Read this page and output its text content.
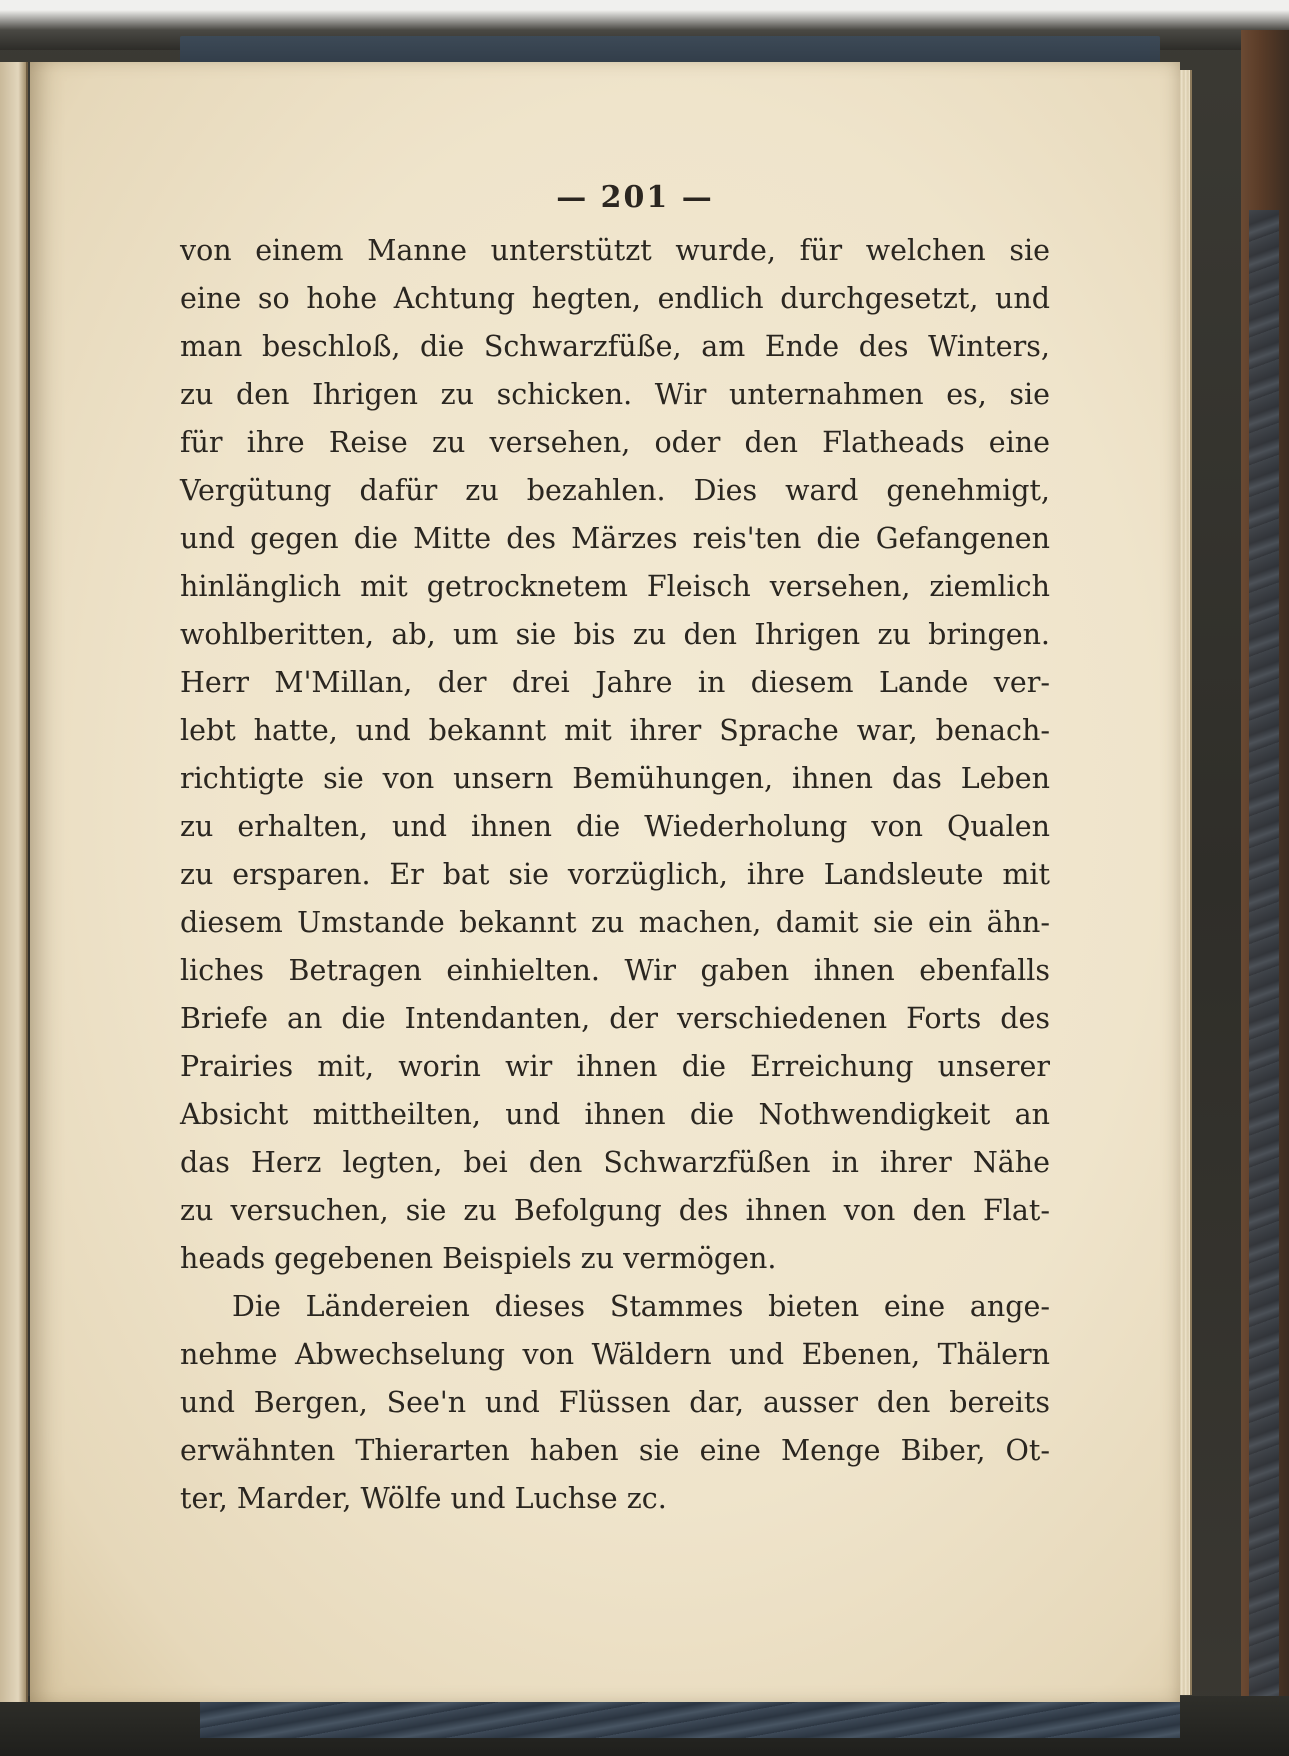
— 201 —
von einem Manne unterstützt wurde, für welchen sie
eine so hohe Achtung hegten, endlich durchgesetzt, und
man beschloß, die Schwarzfüße, am Ende des Winters,
zu den Ihrigen zu schicken. Wir unternahmen es, sie
für ihre Reise zu versehen, oder den Flatheads eine
Vergütung dafür zu bezahlen. Dies ward genehmigt,
und gegen die Mitte des Märzes reis'ten die Gefangenen
hinlänglich mit getrocknetem Fleisch versehen, ziemlich
wohlberitten, ab, um sie bis zu den Ihrigen zu bringen.
Herr M'Millan, der drei Jahre in diesem Lande ver-
lebt hatte, und bekannt mit ihrer Sprache war, benach-
richtigte sie von unsern Bemühungen, ihnen das Leben
zu erhalten, und ihnen die Wiederholung von Qualen
zu ersparen. Er bat sie vorzüglich, ihre Landsleute mit
diesem Umstande bekannt zu machen, damit sie ein ähn-
liches Betragen einhielten. Wir gaben ihnen ebenfalls
Briefe an die Intendanten, der verschiedenen Forts des
Prairies mit, worin wir ihnen die Erreichung unserer
Absicht mittheilten, und ihnen die Nothwendigkeit an
das Herz legten, bei den Schwarzfüßen in ihrer Nähe
zu versuchen, sie zu Befolgung des ihnen von den Flat-
heads gegebenen Beispiels zu vermögen.
Die Ländereien dieses Stammes bieten eine ange-
nehme Abwechselung von Wäldern und Ebenen, Thälern
und Bergen, See'n und Flüssen dar, ausser den bereits
erwähnten Thierarten haben sie eine Menge Biber, Ot-
ter, Marder, Wölfe und Luchse zc.
